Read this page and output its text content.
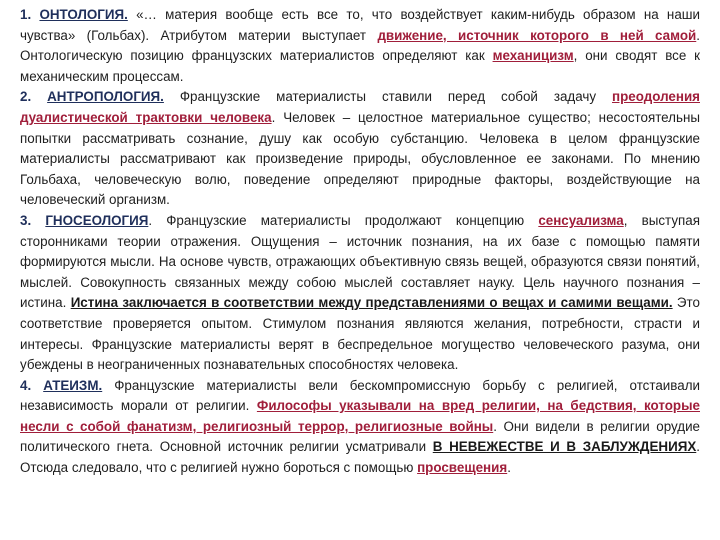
1. ОНТОЛОГИЯ. «… материя вообще есть все то, что воздействует каким-нибудь образом на наши чувства» (Гольбах). Атрибутом материи выступает движение, источник которого в ней самой. Онтологическую позицию французских материалистов определяют как механицизм, они сводят все к механическим процессам.

2. АНТРОПОЛОГИЯ. Французские материалисты ставили перед собой задачу преодоления дуалистической трактовки человека. Человек – целостное материальное существо; несостоятельны попытки рассматривать сознание, душу как особую субстанцию. Человека в целом французские материалисты рассматривают как произведение природы, обусловленное ее законами. По мнению Гольбаха, человеческую волю, поведение определяют природные факторы, воздействующие на человеческий организм.

3. ГНОСЕОЛОГИЯ. Французские материалисты продолжают концепцию сенсуализма, выступая сторонниками теории отражения. Ощущения – источник познания, на их базе с помощью памяти формируются мысли. На основе чувств, отражающих объективную связь вещей, образуются связи понятий, мыслей. Совокупность связанных между собою мыслей составляет науку. Цель научного познания – истина. Истина заключается в соответствии между представлениями о вещах и самими вещами. Это соответствие проверяется опытом. Стимулом познания являются желания, потребности, страсти и интересы. Французские материалисты верят в беспредельное могущество человеческого разума, они убеждены в неограниченных познавательных способностях человека.

4. АТЕИЗМ. Французские материалисты вели бескомпромиссную борьбу с религией, отстаивали независимость морали от религии. Философы указывали на вред религии, на бедствия, которые несли с собой фанатизм, религиозный террор, религиозные войны. Они видели в религии орудие политического гнета. Основной источник религии усматривали В НЕВЕЖЕСТВЕ И В ЗАБЛУЖДЕНИЯХ. Отсюда следовало, что с религией нужно бороться с помощью просвещения.
